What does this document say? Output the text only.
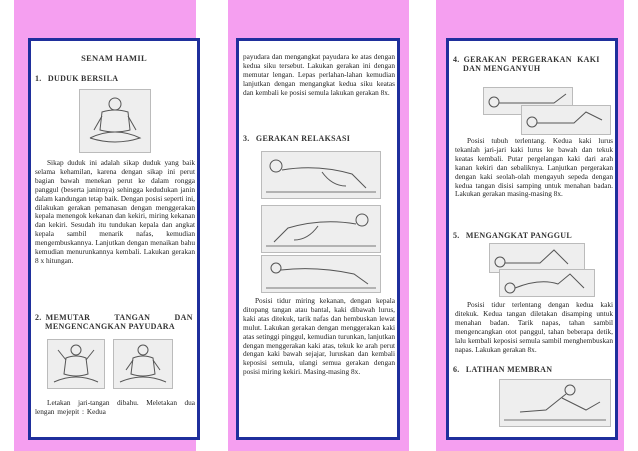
SENAM HAMIL
1. DUDUK BERSILA

Sikap duduk ini adalah sikap duduk yang baik selama kehamilan, karena dengan sikap ini perut bagian bawah menekan perut ke dalam rongga panggul (beserta janinnya) sehingga kedudukan janin dalam kandungan tetap baik. Dengan posisi seperti ini, dilakukan gerakan pemanasan dengan menggerakan kepala menengok kekanan dan kekiri, miring kekanan dan kekiri. Sesudah itu tundukan kepala dan angkat kepala sambil menarik nafas, kemudian mengembuskannya. Lanjutkan dengan menaikan bahu kemudian menurunkannya kembali. Lakukan gerakan 8 x hitungan.

2. MEMUTAR TANGAN DAN
MENGENCANGKAN PAYUDARA

Letakan jari-tangan dibahu. Meletakan dua lengan mejepit : Kedua

payudara dan mengangkat payudara ke atas dengan kedua siku tersebut. Lakukan gerakan ini dengan memutar lengan. Lepas perlahan-lahan kemudian lanjutkan dengan mengangkat kedua siku keatas dan kembali ke posisi semula lakukan gerakan 8x.

3. GERAKAN RELAKSASI

Posisi tidur miring kekanan, dengan kepala ditopang tangan atau bantal, kaki dibawah lurus, kaki atas ditekuk, tarik nafas dan hembuskan lewat mulut. Lakukan gerakan dengan menggerakan kaki atas setinggi pinggul, kemudian turunkan, lanjutkan dengan menggerakan kaki atas, tekuk ke arah perut dengan kaki bawah sejajar, luruskan dan kembali keposisi semula, ulangi semua gerakan dengan posisi miring kekiri. Masing-masing 8x.

4. GERAKAN PERGERAKAN KAKI
DAN MENGANYUH

Posisi tubuh terlentang. Kedua kaki lurus tekanlah jari-jari kaki lurus ke bawah dan tekuk keatas kembali. Putar pergelangan kaki dari arah kanan kekiri dan sebaliknya. Lanjutkan pergerakan dengan kaki seolah-olah mengayuh sepeda dengan kedua tangan disisi samping untuk menahan badan. Lakukan gerakan masing-masing 8x.

5. MENGANGKAT PANGGUL

Posisi tidur terlentang dengan kedua kaki ditekuk. Kedua tangan diletakan disamping untuk menahan badan. Tarik napas, tahan sambil mengencangkan otot panggul, tahan beberapa detik, lalu kembali keposisi semula sambil menghembuskan napas. Lakukan gerakan 8x.

6. LATIHAN MEMBRAN
